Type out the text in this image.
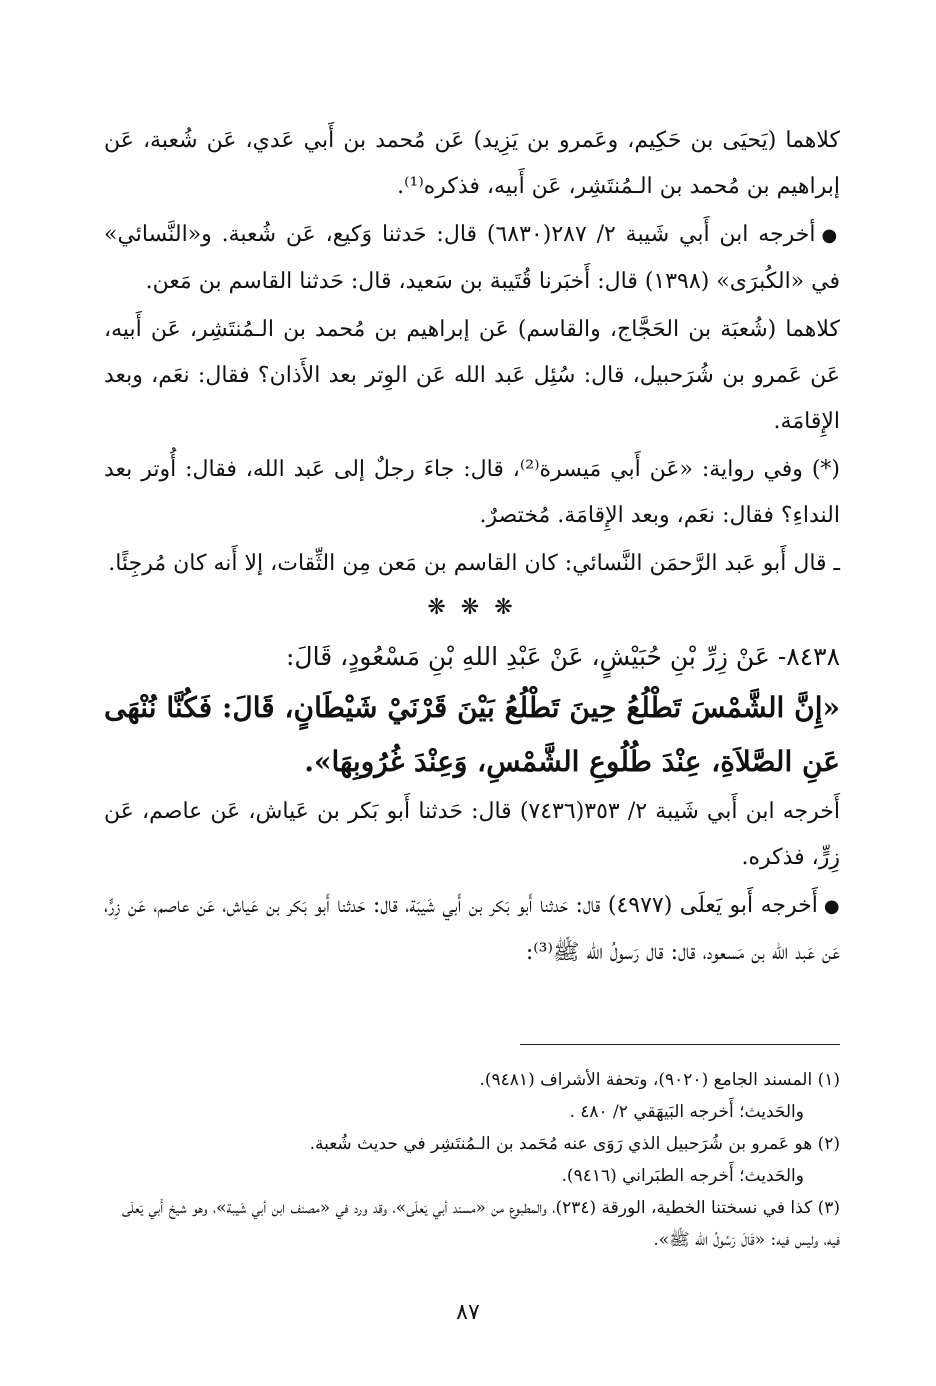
كلاهما (يَحيَى بن حَكِيم، وعَمرو بن يَزِيد) عَن مُحمد بن أَبي عَدي، عَن شُعبة، عَن إبراهيم بن مُحمد بن الـمُنتَشِر، عَن أَبيه، فذكره⁽¹⁾.

●أخرجه ابن أَبي شَيبة ٢/ ٢٨٧(٦٨٣٠) قال: حَدثنا وَكيع، عَن شُعبة. و«النَّسائي» في «الكُبرَى» (١٣٩٨) قال: أَخبَرنا قُتَيبة بن سَعيد، قال: حَدثنا القاسم بن مَعن.

كلاهما (شُعبَة بن الحَجَّاج، والقاسم) عَن إبراهيم بن مُحمد بن الـمُنتَشِر، عَن أَبيه، عَن عَمرو بن شُرَحبيل، قال: سُئِل عَبد الله عَن الوِتر بعد الأَذان؟ فقال: نعَم، وبعد الإِقامَة.

(*) وفي رواية: «عَن أَبي مَيسرة⁽²⁾، قال: جاءَ رجلٌ إلى عَبد الله، فقال: أُوتر بعد النداءِ؟ فقال: نعَم، وبعد الإِقامَة. مُختصرٌ.

ـ قال أَبو عَبد الرَّحمَن النَّسائي: كان القاسم بن مَعن مِن الثِّقات، إلا أَنه كان مُرجِئًا.

❋ ❋ ❋

٨٤٣٨- عَنْ زِرِّ بْنِ حُبَيْشٍ، عَنْ عَبْدِ اللهِ بْنِ مَسْعُودٍ، قَالَ:

«إِنَّ الشَّمْسَ تَطْلُعُ حِينَ تَطْلُعُ بَيْنَ قَرْنَيْ شَيْطَانٍ، قَالَ: فَكُنَّا نُنْهَى عَنِ الصَّلاَةِ، عِنْدَ طُلُوعِ الشَّمْسِ، وَعِنْدَ غُرُوبِهَا».

أَخرجه ابن أَبي شَيبة ٢/ ٣٥٣(٧٤٣٦) قال: حَدثنا أَبو بَكر بن عَياش، عَن عاصم، عَن زِرٍّ، فذكره.

●أَخرجه أَبو يَعلَى (٤٩٧٧) قال: حَدثنا أَبو بَكر بن أَبي شَيبَة، قال: حَدثنا أَبو بَكر بن عَياش، عَن عاصم، عَن زِرٍّ، عَن عَبد الله بن مَسعود، قال: قال رَسولُ الله ﷺ⁽³⁾:

(١) المسند الجامع (٩٠٢٠)، وتحفة الأشراف (٩٤٨١).

والحَديث؛ أَخرجه البَيهَقي ٢/ ٤٨٠ .

(٢) هو عَمرو بن شُرَحبيل الذي رَوَى عنه مُحَمد بن الـمُنتَشِر في حديث شُعبة.

والحَديث؛ أَخرجه الطبَراني (٩٤١٦).

(٣) كذا في نسختنا الخطية، الورقة (٢٣٤)، والمطبوع من «مسند أبي يَعلَى»، وقد ورد في «مصنف ابن أبي شَيبة»، وهو شيخ أَبي يَعلَى فيه، وليس فيه: «قَالَ رَسُولُ الله ﷺ».

٨٧
